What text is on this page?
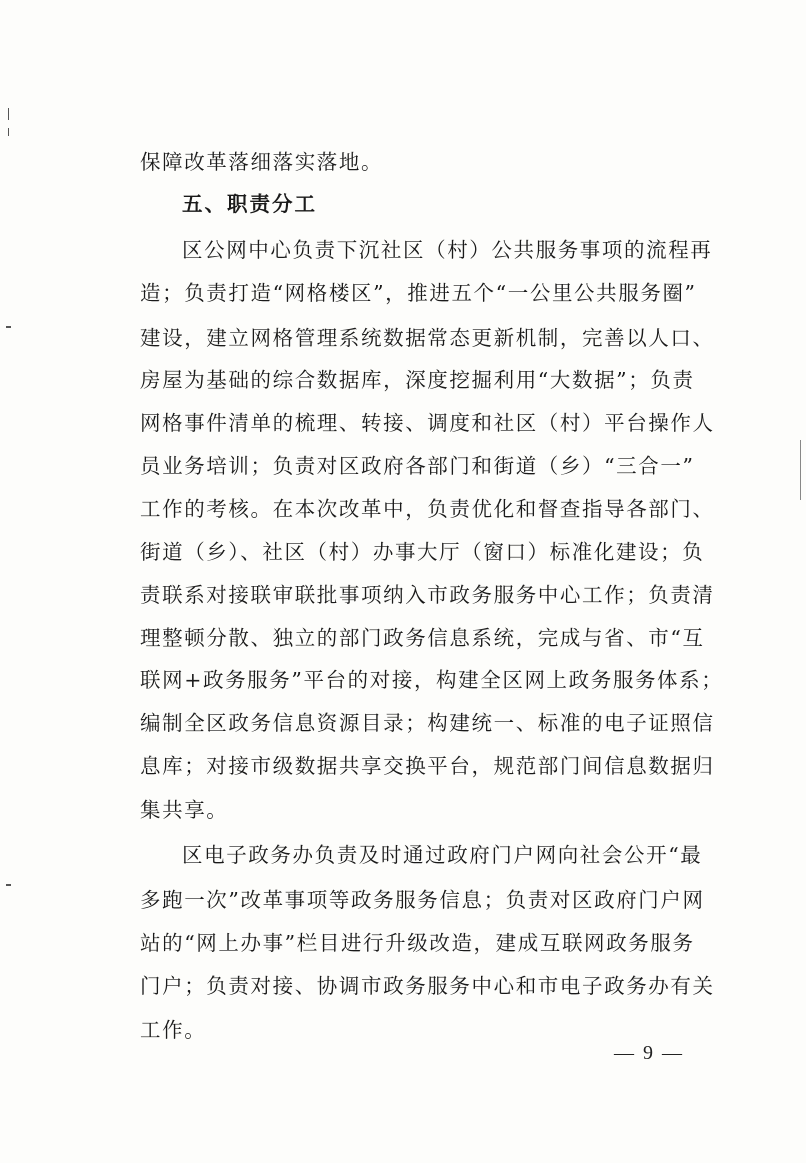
保障改革落细落实落地。
五、职责分工
区公网中心负责下沉社区（村）公共服务事项的流程再
造；负责打造“网格楼区”，推进五个“一公里公共服务圈”
建设，建立网格管理系统数据常态更新机制，完善以人口、
房屋为基础的综合数据库，深度挖掘利用“大数据”；负责
网格事件清单的梳理、转接、调度和社区（村）平台操作人
员业务培训；负责对区政府各部门和街道（乡）“三合一”
工作的考核。在本次改革中，负责优化和督查指导各部门、
街道（乡）、社区（村）办事大厅（窗口）标准化建设；负
责联系对接联审联批事项纳入市政务服务中心工作；负责清
理整顿分散、独立的部门政务信息系统，完成与省、市“互
联网+政务服务”平台的对接，构建全区网上政务服务体系；
编制全区政务信息资源目录；构建统一、标准的电子证照信
息库；对接市级数据共享交换平台，规范部门间信息数据归
集共享。
区电子政务办负责及时通过政府门户网向社会公开“最
多跑一次”改革事项等政务服务信息；负责对区政府门户网
站的“网上办事”栏目进行升级改造，建成互联网政务服务
门户；负责对接、协调市政务服务中心和市电子政务办有关
工作。
— 9 —
